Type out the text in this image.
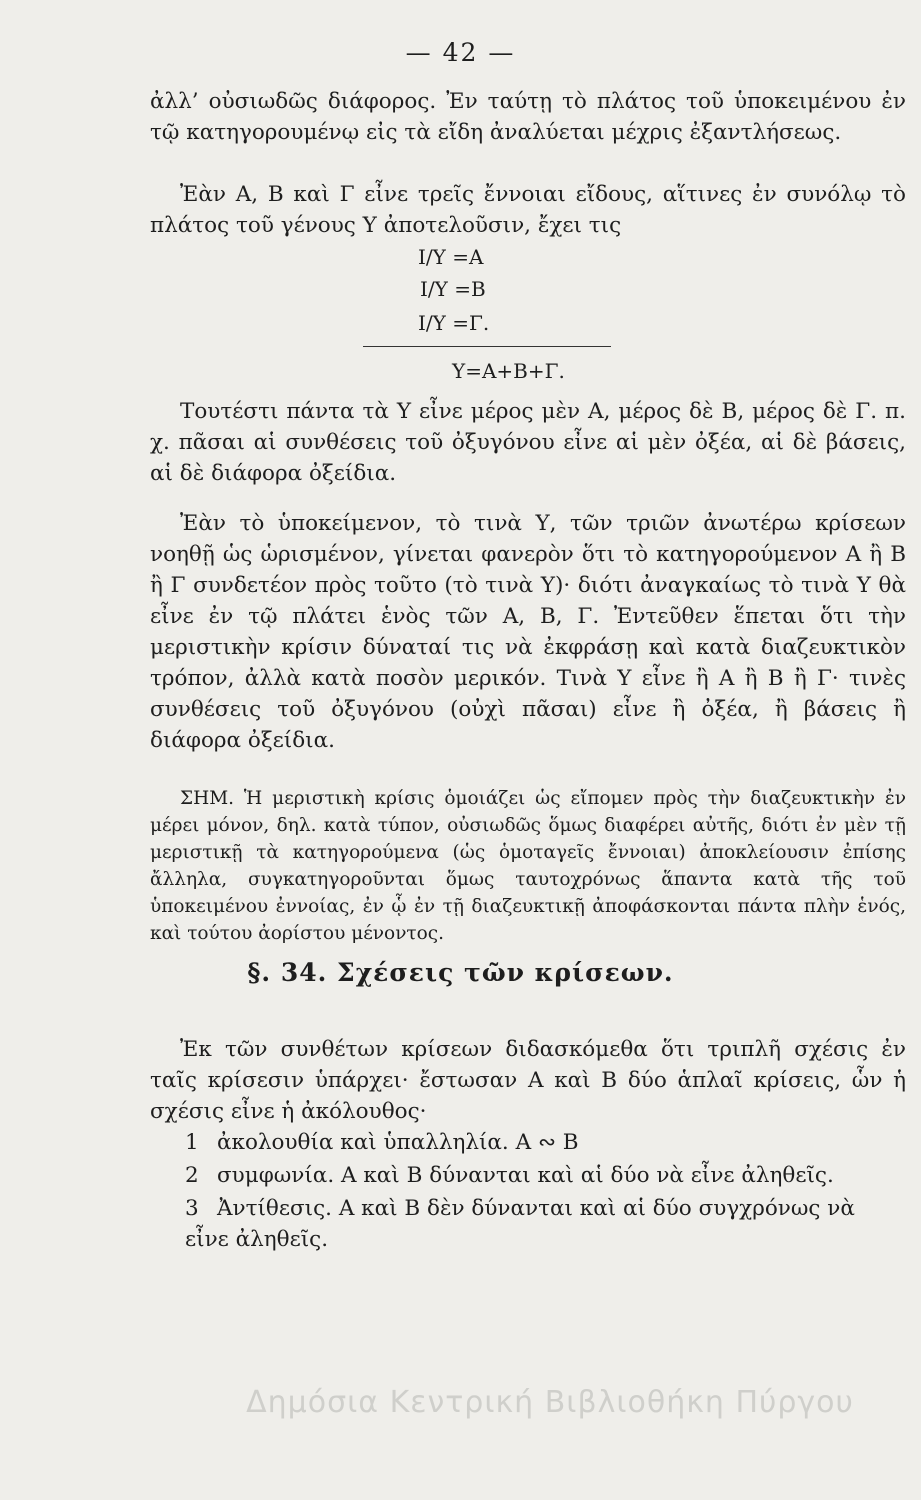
— 42 —

ἀλλ’ οὐσιωδῶς διάφορος. Ἐν ταύτῃ τὸ πλάτος τοῦ ὑποκειμένου ἐν τῷ κατηγορουμένῳ εἰς τὰ εἴδη ἀναλύεται μέχρις ἐξαντλήσεως.

Ἐὰν Α, Β καὶ Γ εἶνε τρεῖς ἔννοιαι εἴδους, αἵτινες ἐν συνόλῳ τὸ πλάτος τοῦ γένους Υ ἀποτελοῦσιν, ἔχει τις

Ι/Υ =Α
Ι/Υ =Β
Ι/Υ =Γ.
Υ=Α+Β+Γ.

Τουτέστι πάντα τὰ Υ εἶνε μέρος μὲν Α, μέρος δὲ Β, μέρος δὲ Γ. π. χ. πᾶσαι αἱ συνθέσεις τοῦ ὀξυγόνου εἶνε αἱ μὲν ὀξέα, αἱ δὲ βάσεις, αἱ δὲ διάφορα ὀξείδια.

Ἐὰν τὸ ὑποκείμενον, τὸ τινὰ Υ, τῶν τριῶν ἀνωτέρω κρίσεων νοηθῇ ὡς ὡρισμένον, γίνεται φανερὸν ὅτι τὸ κατηγορούμενον Α ἢ Β ἢ Γ συνδετέον πρὸς τοῦτο (τὸ τινὰ Υ)· διότι ἀναγκαίως τὸ τινὰ Υ θὰ εἶνε ἐν τῷ πλάτει ἑνὸς τῶν Α, Β, Γ. Ἐντεῦθεν ἕπεται ὅτι τὴν μεριστικὴν κρίσιν δύναταί τις νὰ ἐκφράσῃ καὶ κατὰ διαζευκτικὸν τρόπον, ἀλλὰ κατὰ ποσὸν μερικόν. Τινὰ Υ εἶνε ἢ Α ἢ Β ἢ Γ· τινὲς συνθέσεις τοῦ ὀξυγόνου (οὐχὶ πᾶσαι) εἶνε ἢ ὀξέα, ἢ βάσεις ἢ διάφορα ὀξείδια.

ΣΗΜ. Ἡ μεριστικὴ κρίσις ὁμοιάζει ὡς εἴπομεν πρὸς τὴν διαζευκτικὴν ἐν μέρει μόνον, δηλ. κατὰ τύπον, οὐσιωδῶς ὅμως διαφέρει αὐτῆς, διότι ἐν μὲν τῇ μεριστικῇ τὰ κατηγορούμενα (ὡς ὁμοταγεῖς ἔννοιαι) ἀποκλείουσιν ἐπίσης ἄλληλα, συγκατηγοροῦνται ὅμως ταυτοχρόνως ἅπαντα κατὰ τῆς τοῦ ὑποκειμένου ἐννοίας, ἐν ᾧ ἐν τῇ διαζευκτικῇ ἀποφάσκονται πάντα πλὴν ἑνός, καὶ τούτου ἀορίστου μένοντος.

§. 34. Σχέσεις τῶν κρίσεων.

Ἐκ τῶν συνθέτων κρίσεων διδασκόμεθα ὅτι τριπλῆ σχέσις ἐν ταῖς κρίσεσιν ὑπάρχει· ἔστωσαν Α καὶ Β δύο ἁπλαῖ κρίσεις, ὧν ἡ σχέσις εἶνε ἡ ἀκόλουθος·

1 ἀκολουθία καὶ ὑπαλληλία. Α ∾ Β
2 συμφωνία. Α καὶ Β δύνανται καὶ αἱ δύο νὰ εἶνε ἀληθεῖς.
3 Ἀντίθεσις. Α καὶ Β δὲν δύνανται καὶ αἱ δύο συγχρόνως νὰ εἶνε ἀληθεῖς.
Δημόσια Κεντρική Βιβλιοθήκη Πύργου
